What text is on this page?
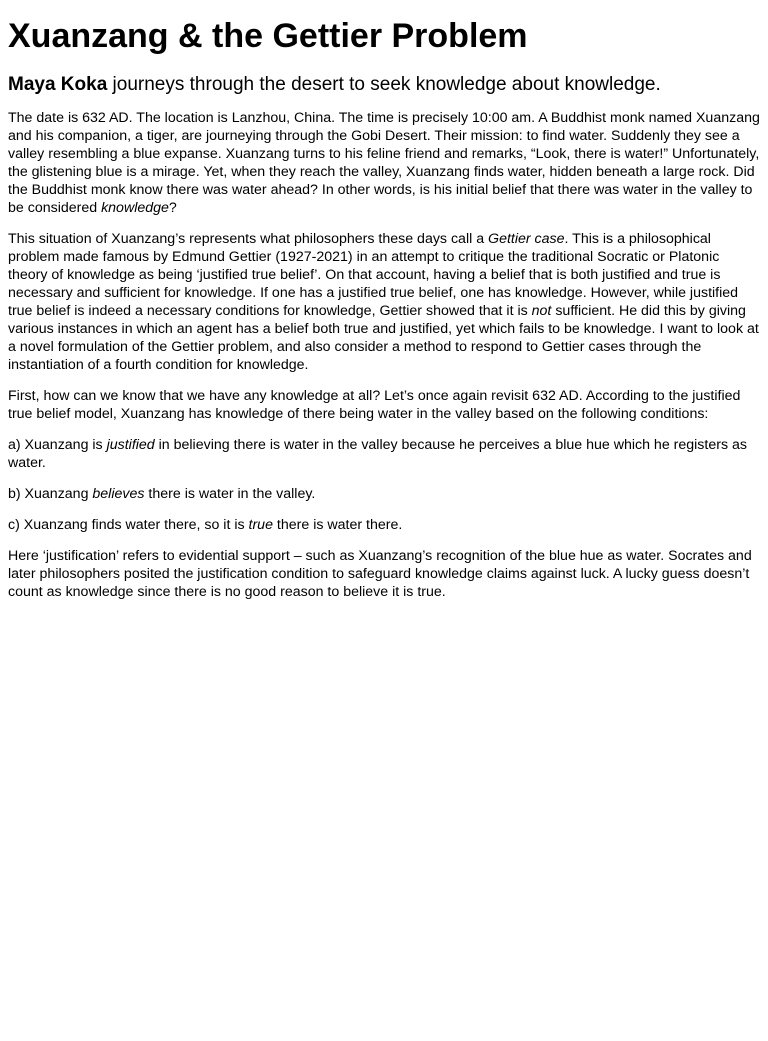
Xuanzang & the Gettier Problem

Maya Koka journeys through the desert to seek knowledge about knowledge.

The date is 632 AD. The location is Lanzhou, China. The time is precisely 10:00 am. A Buddhist monk named Xuanzang and his companion, a tiger, are journeying through the Gobi Desert. Their mission: to find water. Suddenly they see a valley resembling a blue expanse. Xuanzang turns to his feline friend and remarks, “Look, there is water!” Unfortunately, the glistening blue is a mirage. Yet, when they reach the valley, Xuanzang finds water, hidden beneath a large rock. Did the Buddhist monk know there was water ahead? In other words, is his initial belief that there was water in the valley to be considered knowledge?

This situation of Xuanzang’s represents what philosophers these days call a Gettier case. This is a philosophical problem made famous by Edmund Gettier (1927-2021) in an attempt to critique the traditional Socratic or Platonic theory of knowledge as being ‘justified true belief’. On that account, having a belief that is both justified and true is necessary and sufficient for knowledge. If one has a justified true belief, one has knowledge. However, while justified true belief is indeed a necessary conditions for knowledge, Gettier showed that it is not sufficient. He did this by giving various instances in which an agent has a belief both true and justified, yet which fails to be knowledge. I want to look at a novel formulation of the Gettier problem, and also consider a method to respond to Gettier cases through the instantiation of a fourth condition for knowledge.

First, how can we know that we have any knowledge at all? Let’s once again revisit 632 AD. According to the justified true belief model, Xuanzang has knowledge of there being water in the valley based on the following conditions:

a) Xuanzang is justified in believing there is water in the valley because he perceives a blue hue which he registers as water.

b) Xuanzang believes there is water in the valley.

c) Xuanzang finds water there, so it is true there is water there.

Here ‘justification’ refers to evidential support – such as Xuanzang’s recognition of the blue hue as water. Socrates and later philosophers posited the justification condition to safeguard knowledge claims against luck. A lucky guess doesn’t count as knowledge since there is no good reason to believe it is true.
